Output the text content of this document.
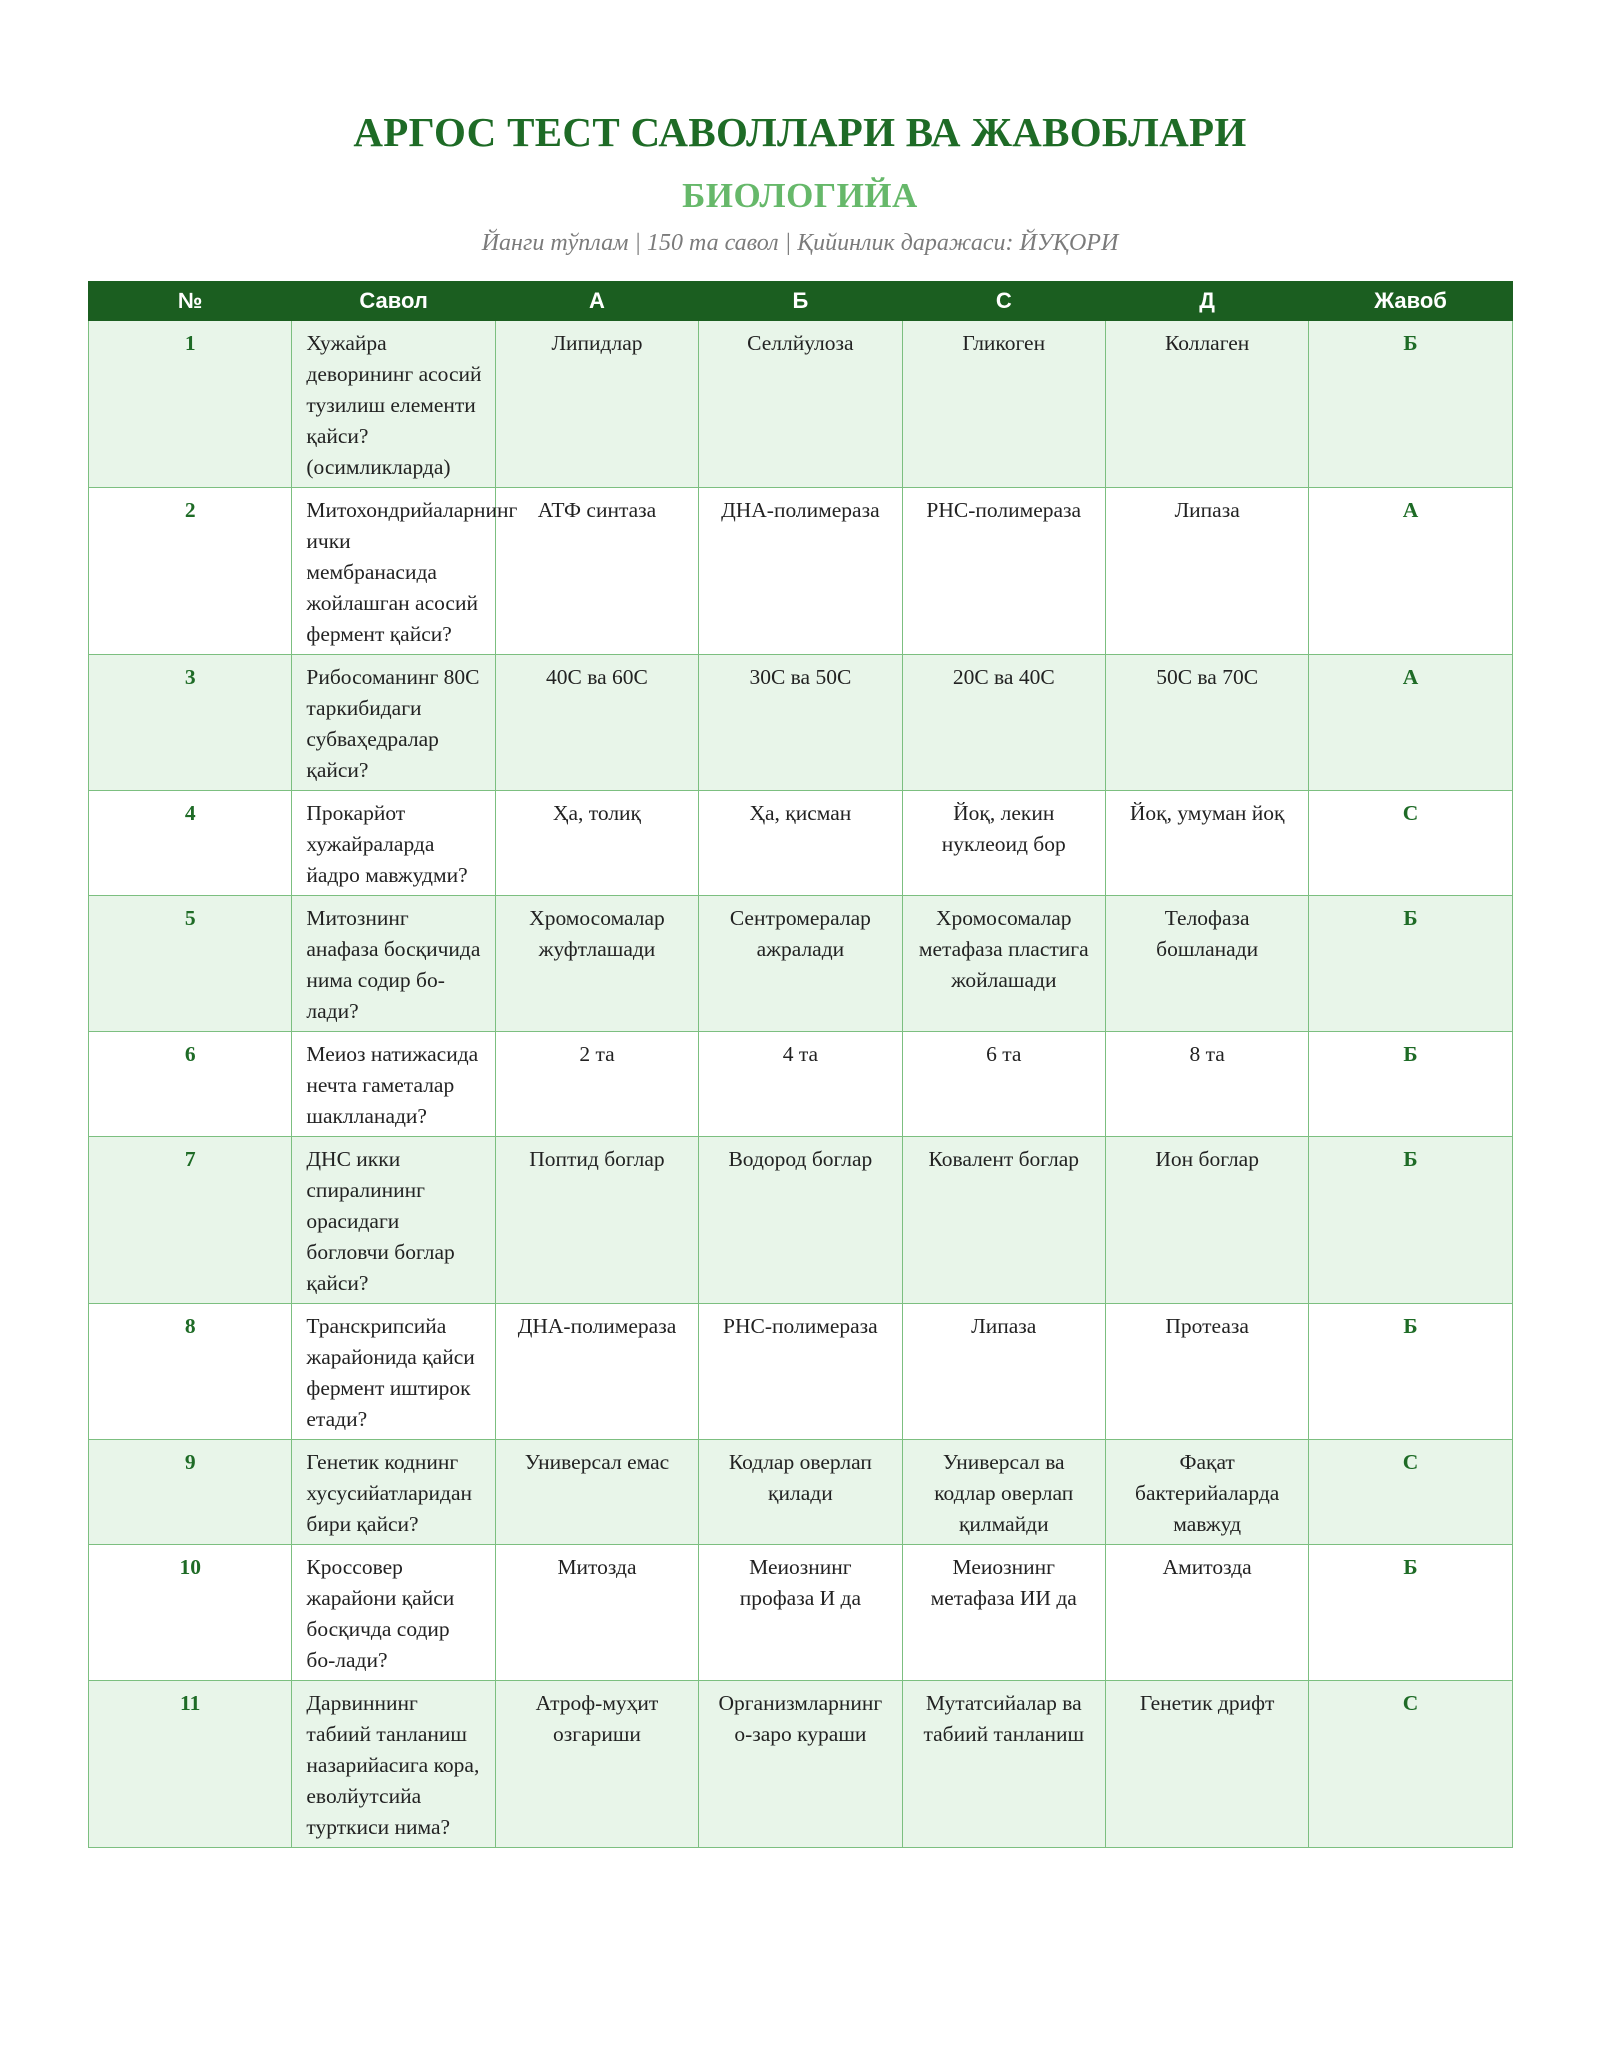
АРГОС ТЕСТ САВОЛЛАРИ ВА ЖАВОБЛАРИ
БИОЛОГИЙА
Йанги тўплам | 150 та савол | Қийинлик даражаси: ЙУҚОРИ
№	Савол	А	Б	С	Д	Жавоб
1	Хужайра деворининг асосий тузилиш елементи қайси? (осимликларда)	Липидлар	Селлйулоза	Гликоген	Коллаген	Б
2	Митохондрийаларнинг ички мембранасида жойлашган асосий фермент қайси?	АТФ синтаза	ДНА-полимераза	РНС-полимераза	Липаза	А
3	Рибосоманинг 80С таркибидаги субваҳедралар қайси?	40С ва 60С	30С ва 50С	20С ва 40С	50С ва 70С	А
4	Прокарйот хужайраларда йадро мавжудми?	Ҳа, толиқ	Ҳа, қисман	Йоқ, лекин нуклеоид бор	Йоқ, умуман йоқ	С
5	Митознинг анафаза босқичида нима содир бо-лади?	Хромосомалар жуфтлашади	Сентромералар ажралади	Хромосомалар метафаза пластига жойлашади	Телофаза бошланади	Б
6	Меиоз натижасида нечта гаметалар шаклланади?	2 та	4 та	6 та	8 та	Б
7	ДНС икки спиралининг орасидаги богловчи боглар қайси?	Поптид боглар	Водород боглар	Ковалент боглар	Ион боглар	Б
8	Транскрипсийа жарайонида қайси фермент иштирок етади?	ДНА-полимераза	РНС-полимераза	Липаза	Протеаза	Б
9	Генетик коднинг хусусийатларидан бири қайси?	Универсал емас	Кодлар оверлап қилади	Универсал ва кодлар оверлап қилмайди	Фақат бактерийаларда мавжуд	С
10	Кроссовер жарайони қайси босқичда содир бо-лади?	Митозда	Меиознинг профаза И да	Меиознинг метафаза ИИ да	Амитозда	Б
11	Дарвиннинг табиий танланиш назарийасига кора, еволйутсийа турткиси нима?	Атроф-муҳит озгариши	Организмларнинг о-заро кураши	Мутатсийалар ва табиий танланиш	Генетик дрифт	С
